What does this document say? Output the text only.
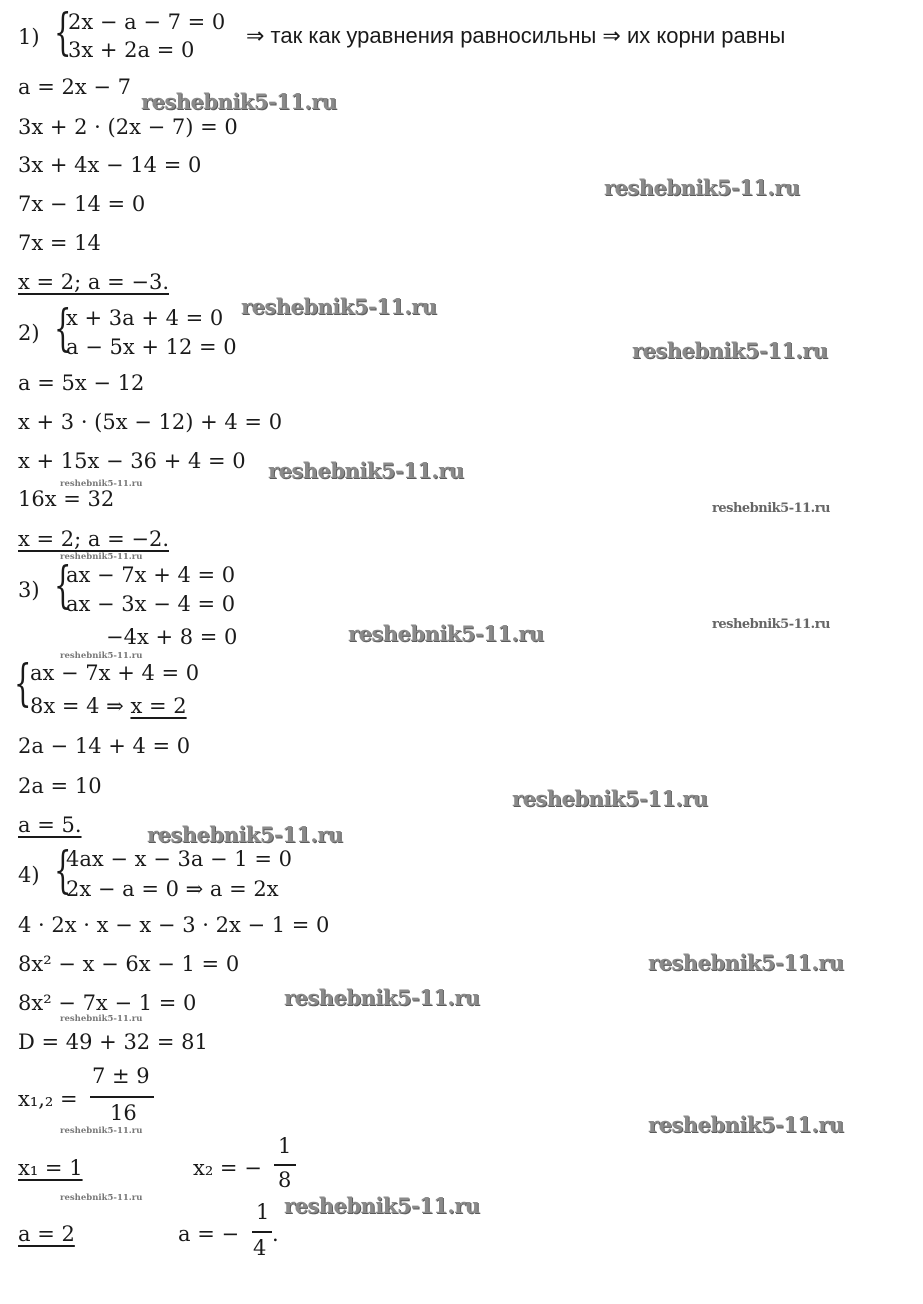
1) {
2x − a − 7 = 0
3x + 2a = 0
⇒ так как уравнения равносильны ⇒ их корни равны
a = 2x − 7
3x + 2 · (2x − 7) = 0
3x + 4x − 14 = 0
7x − 14 = 0
7x = 14
x = 2; a = −3.
2) {
x + 3a + 4 = 0
a − 5x + 12 = 0
a = 5x − 12
x + 3 · (5x − 12) + 4 = 0
x + 15x − 36 + 4 = 0
16x = 32
x = 2; a = −2.
3) {
ax − 7x + 4 = 0
ax − 3x − 4 = 0
−4x + 8 = 0
{
ax − 7x + 4 = 0
8x = 4 ⇒ x = 2
2a − 14 + 4 = 0
2a = 10
a = 5.
4) {
4ax − x − 3a − 1 = 0
2x − a = 0 ⇒ a = 2x
4 · 2x · x − x − 3 · 2x − 1 = 0
8x² − x − 6x − 1 = 0
8x² − 7x − 1 = 0
D = 49 + 32 = 81
x₁,₂ =
7 ± 9
16
x₁ = 1	x₂ = −
1
8
a = 2	a = −
1
4
.
reshebnik5-11.ru
reshebnik5-11.ru
reshebnik5-11.ru
reshebnik5-11.ru
reshebnik5-11.ru
reshebnik5-11.ru
reshebnik5-11.ru
reshebnik5-11.ru
reshebnik5-11.ru
reshebnik5-11.ru
reshebnik5-11.ru
reshebnik5-11.ru
reshebnik5-11.ru
reshebnik5-11.ru
reshebnik5-11.ru
reshebnik5-11.ru
reshebnik5-11.ru
reshebnik5-11.ru
reshebnik5-11.ru
reshebnik5-11.ru
